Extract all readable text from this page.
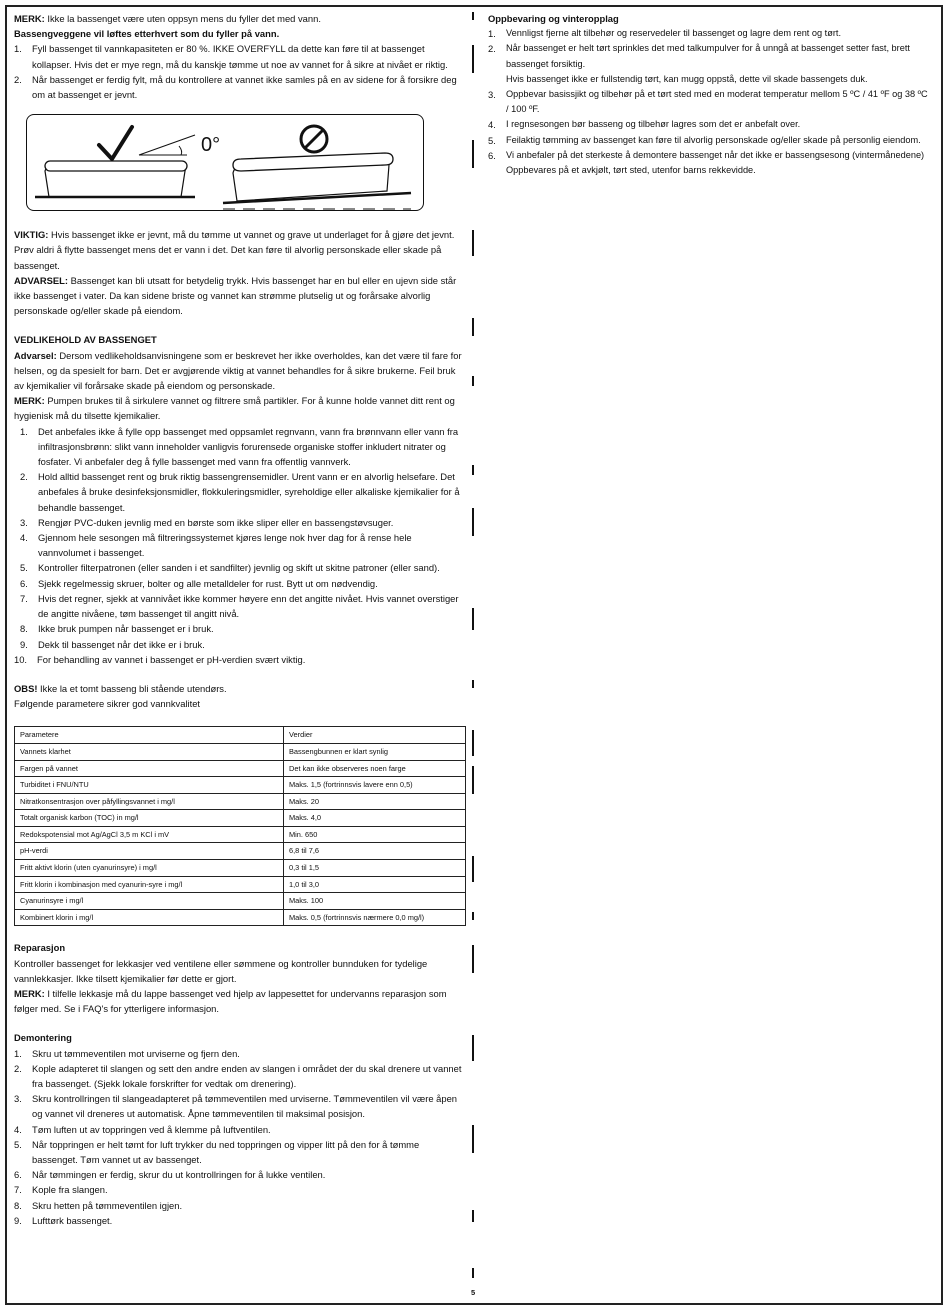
MERK: Ikke la bassenget være uten oppsyn mens du fyller det med vann.

Bassengveggene vil løftes etterhvert som du fyller på vann.

1.	Fyll bassenget til vannkapasiteten er 80 %. IKKE OVERFYLL da dette kan føre til at bassenget kollapser. Hvis det er mye regn, må du kanskje tømme ut noe av vannet for å sikre at nivået er riktig.
2.	Når bassenget er ferdig fylt, må du kontrollere at vannet ikke samles på en av sidene for å forsikre deg om at bassenget er jevnt.
0°

VIKTIG: Hvis bassenget ikke er jevnt, må du tømme ut vannet og grave ut underlaget for å gjøre det jevnt. Prøv aldri å flytte bassenget mens det er vann i det. Det kan føre til alvorlig personskade eller skade på bassenget.

ADVARSEL: Bassenget kan bli utsatt for betydelig trykk. Hvis bassenget har en bul eller en ujevn side står ikke bassenget i vater. Da kan sidene briste og vannet kan strømme plutselig ut og forårsake alvorlig personskade og/eller skade på eiendom.

VEDLIKEHOLD AV BASSENGET

Advarsel: Dersom vedlikeholdsanvisningene som er beskrevet her ikke overholdes, kan det være til fare for helsen, og da spesielt for barn. Det er avgjørende viktig at vannet behandles for å sikre brukerne. Feil bruk av kjemikalier vil forårsake skade på eiendom og personskade.

MERK: Pumpen brukes til å sirkulere vannet og filtrere små partikler. For å kunne holde vannet ditt rent og hygienisk må du tilsette kjemikalier.

1.	Det anbefales ikke å fylle opp bassenget med oppsamlet regnvann, vann fra brønnvann eller vann fra infiltrasjonsbrønn: slikt vann inneholder vanligvis forurensede organiske stoffer inkludert nitrater og fosfater. Vi anbefaler deg å fylle bassenget med vann fra offentlig vannverk.
2.	Hold alltid bassenget rent og bruk riktig bassengrensemidler. Urent vann er en alvorlig helsefare. Det anbefales å bruke desinfeksjonsmidler, flokkuleringsmidler, syreholdige eller alkaliske kjemikalier for å behandle bassenget.
3.	Rengjør PVC-duken jevnlig med en børste som ikke sliper eller en bassengstøvsuger.
4.	Gjennom hele sesongen må filtreringssystemet kjøres lenge nok hver dag for å rense hele vannvolumet i bassenget.
5.	Kontroller filterpatronen (eller sanden i et sandfilter) jevnlig og skift ut skitne patroner (eller sand).
6.	Sjekk regelmessig skruer, bolter og alle metalldeler for rust. Bytt ut om nødvendig.
7.	Hvis det regner, sjekk at vannivået ikke kommer høyere enn det angitte nivået. Hvis vannet overstiger de angitte nivåene, tøm bassenget til angitt nivå.
8.	Ikke bruk pumpen når bassenget er i bruk.
9.	Dekk til bassenget når det ikke er i bruk.
10.	For behandling av vannet i bassenget er pH-verdien svært viktig.

OBS! Ikke la et tomt basseng bli stående utendørs.

Følgende parametere sikrer god vannkvalitet

Parametere	Verdier
Vannets klarhet	Bassengbunnen er klart synlig
Fargen på vannet	Det kan ikke observeres noen farge
Turbiditet i FNU/NTU	Maks. 1,5 (fortrinnsvis lavere enn 0,5)
Nitratkonsentrasjon over påfyllingsvannet i mg/l	Maks. 20
Totalt organisk karbon (TOC) in mg/l	Maks. 4,0
Redokspotensial mot Ag/AgCl 3,5 m KCl i mV	Min. 650
pH-verdi	6,8 til 7,6
Fritt aktivt klorin (uten cyanurinsyre) i mg/l	0,3 til 1,5
Fritt klorin i kombinasjon med cyanurin-syre i mg/l	1,0 til 3,0
Cyanurinsyre i mg/l	Maks. 100
Kombinert klorin i mg/l	Maks. 0,5 (fortrinnsvis nærmere 0,0 mg/l)

Reparasjon

Kontroller bassenget for lekkasjer ved ventilene eller sømmene og kontroller bunnduken for tydelige vannlekkasjer. Ikke tilsett kjemikalier før dette er gjort.

MERK: I tilfelle lekkasje må du lappe bassenget ved hjelp av lappesettet for undervanns reparasjon som følger med. Se i FAQ's for ytterligere informasjon.

Demontering

1.	Skru ut tømmeventilen mot urviserne og fjern den.
2.	Kople adapteret til slangen og sett den andre enden av slangen i området der du skal drenere ut vannet fra bassenget. (Sjekk lokale forskrifter for vedtak om drenering).
3.	Skru kontrollringen til slangeadapteret på tømmeventilen med urviserne. Tømmeventilen vil være åpen og vannet vil dreneres ut automatisk. Åpne tømmeventilen til maksimal posisjon.
4.	Tøm luften ut av toppringen ved å klemme på luftventilen.
5.	Når toppringen er helt tømt for luft trykker du ned toppringen og vipper litt på den for å tømme bassenget. Tøm vannet ut av bassenget.
6.	Når tømmingen er ferdig, skrur du ut kontrollringen for å lukke ventilen.
7.	Kople fra slangen.
8.	Skru hetten på tømmeventilen igjen.
9.	Lufttørk bassenget.

Oppbevaring og vinteropplag

1.	Vennligst fjerne alt tilbehør og reservedeler til bassenget og lagre dem rent og tørt.
2.	Når bassenget er helt tørt sprinkles det med talkumpulver for å unngå at bassenget setter fast, brett bassenget forsiktig.
Hvis bassenget ikke er fullstendig tørt, kan mugg oppstå, dette vil skade bassengets duk.
3.	Oppbevar basissjikt og tilbehør på et tørt sted med en moderat temperatur mellom 5 ºC / 41 ºF og 38 ºC / 100 ºF.
4.	I regnsesongen bør basseng og tilbehør lagres som det er anbefalt over.
5.	Feilaktig tømming av bassenget kan føre til alvorlig personskade og/eller skade på personlig eiendom.
6.	Vi anbefaler på det sterkeste å demontere bassenget når det ikke er bassengsesong (vintermånedene) Oppbevares på et avkjølt, tørt sted, utenfor barns rekkevidde.
5
